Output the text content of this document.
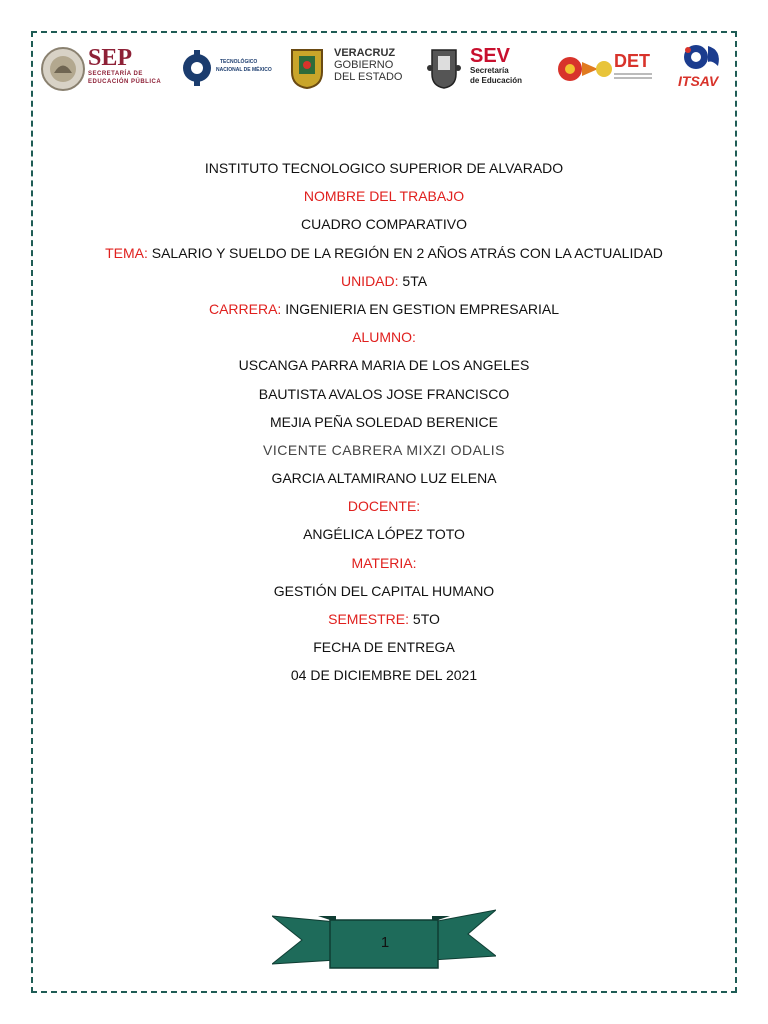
SEP
SECRETARÍA DE
EDUCACIÓN PÚBLICA
TECNOLÓGICO
NACIONAL DE MÉXICO
VERACRUZ
GOBIERNO
DEL ESTADO
SEV
Secretaría
de Educación
DET
ITSAV
INSTITUTO TECNOLOGICO SUPERIOR DE ALVARADO
NOMBRE DEL TRABAJO
CUADRO COMPARATIVO
TEMA: SALARIO Y SUELDO DE LA REGIÓN EN 2 AÑOS ATRÁS CON LA ACTUALIDAD
UNIDAD: 5TA
CARRERA: INGENIERIA EN GESTION EMPRESARIAL
ALUMNO:
USCANGA PARRA MARIA DE LOS ANGELES
BAUTISTA AVALOS JOSE FRANCISCO
MEJIA PEÑA SOLEDAD BERENICE
VICENTE CABRERA MIXZI ODALIS
GARCIA ALTAMIRANO LUZ ELENA
DOCENTE:
ANGÉLICA LÓPEZ TOTO
MATERIA:
GESTIÓN DEL CAPITAL HUMANO
SEMESTRE: 5TO
FECHA DE ENTREGA
04 DE DICIEMBRE DEL 2021
1
